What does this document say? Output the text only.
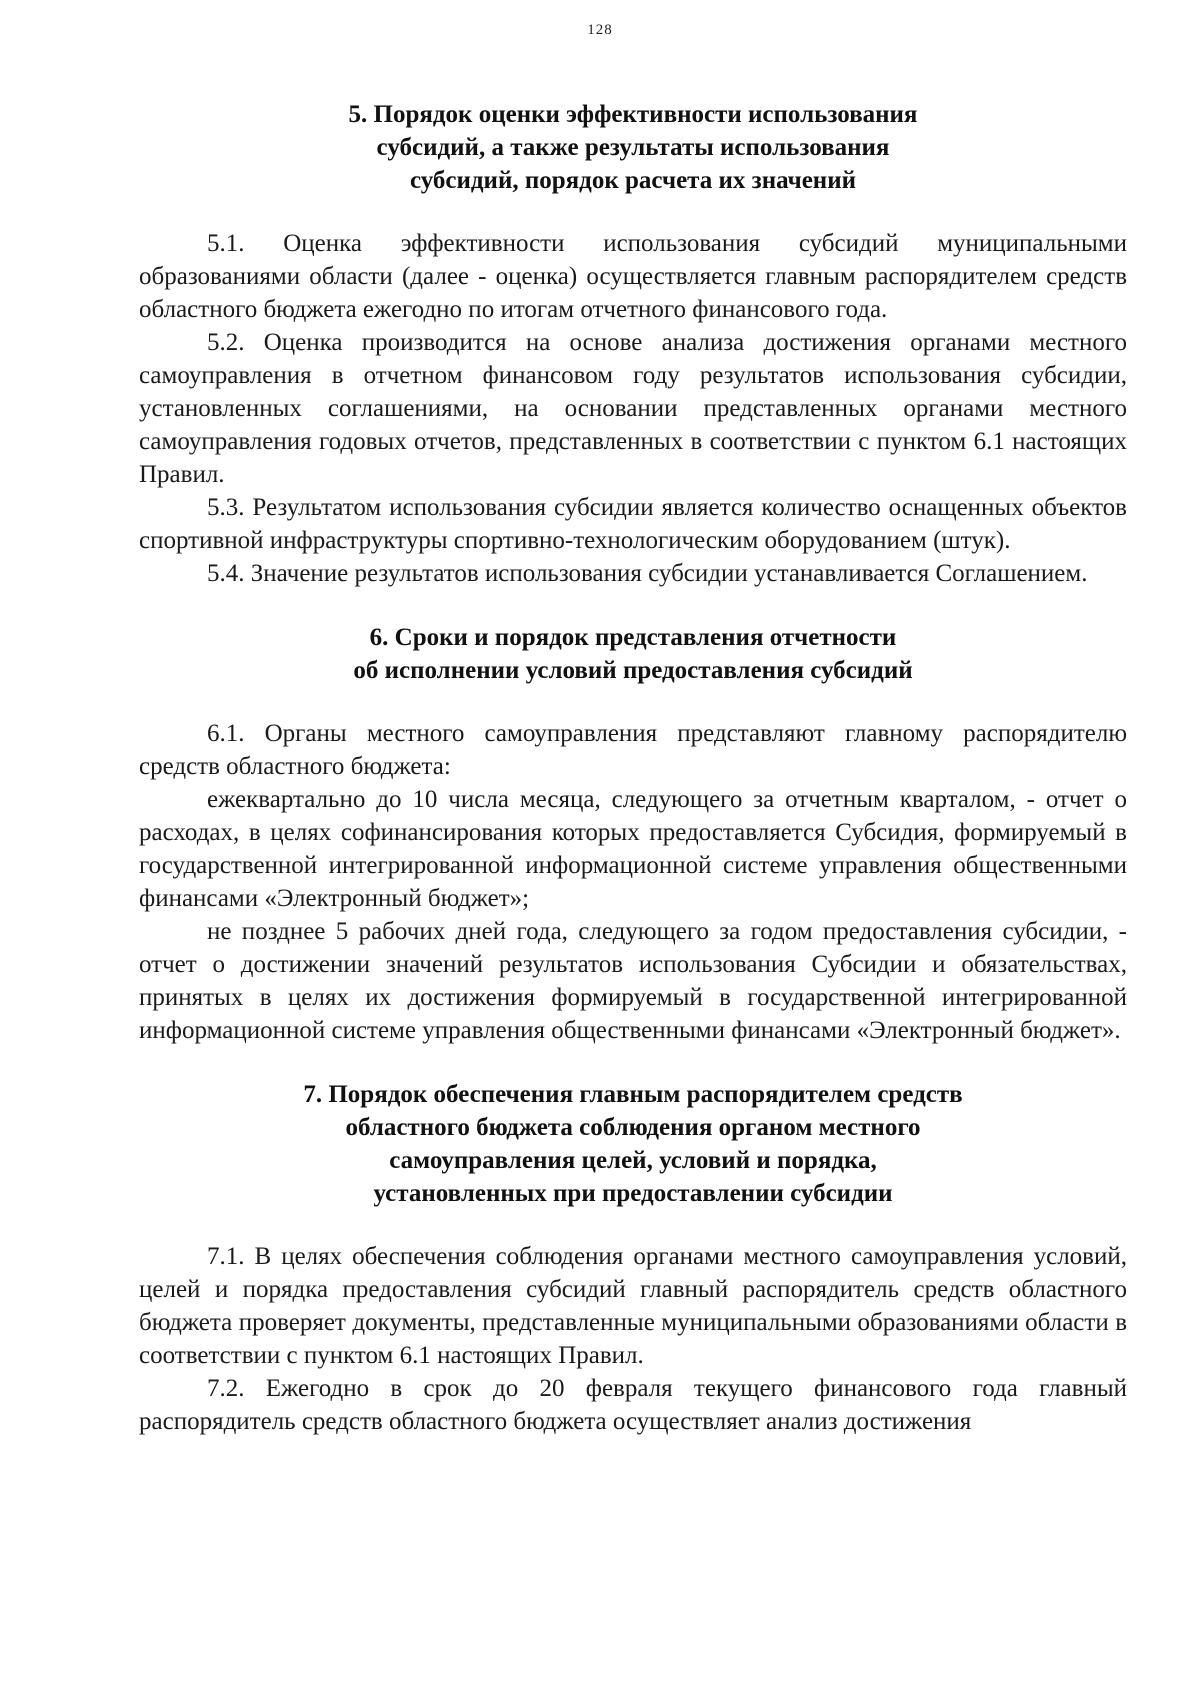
128
5. Порядок оценки эффективности использования
субсидий, а также результаты использования
субсидий, порядок расчета их значений

5.1. Оценка эффективности использования субсидий муниципальными образованиями области (далее - оценка) осуществляется главным распорядителем средств областного бюджета ежегодно по итогам отчетного финансового года.

5.2. Оценка производится на основе анализа достижения органами местного самоуправления в отчетном финансовом году результатов использования субсидии, установленных соглашениями, на основании представленных органами местного самоуправления годовых отчетов, представленных в соответствии с пунктом 6.1 настоящих Правил.

5.3. Результатом использования субсидии является количество оснащенных объектов спортивной инфраструктуры спортивно-технологическим оборудованием (штук).

5.4. Значение результатов использования субсидии устанавливается Соглашением.

6. Сроки и порядок представления отчетности
об исполнении условий предоставления субсидий

6.1. Органы местного самоуправления представляют главному распорядителю средств областного бюджета:

ежеквартально до 10 числа месяца, следующего за отчетным кварталом, - отчет о расходах, в целях софинансирования которых предоставляется Субсидия, формируемый в государственной интегрированной информационной системе управления общественными финансами «Электронный бюджет»;

не позднее 5 рабочих дней года, следующего за годом предоставления субсидии, - отчет о достижении значений результатов использования Субсидии и обязательствах, принятых в целях их достижения формируемый в государственной интегрированной информационной системе управления общественными финансами «Электронный бюджет».

7. Порядок обеспечения главным распорядителем средств
областного бюджета соблюдения органом местного
самоуправления целей, условий и порядка,
установленных при предоставлении субсидии

7.1. В целях обеспечения соблюдения органами местного самоуправления условий, целей и порядка предоставления субсидий главный распорядитель средств областного бюджета проверяет документы, представленные муниципальными образованиями области в соответствии с пунктом 6.1 настоящих Правил.

7.2. Ежегодно в срок до 20 февраля текущего финансового года главный распорядитель средств областного бюджета осуществляет анализ достижения
